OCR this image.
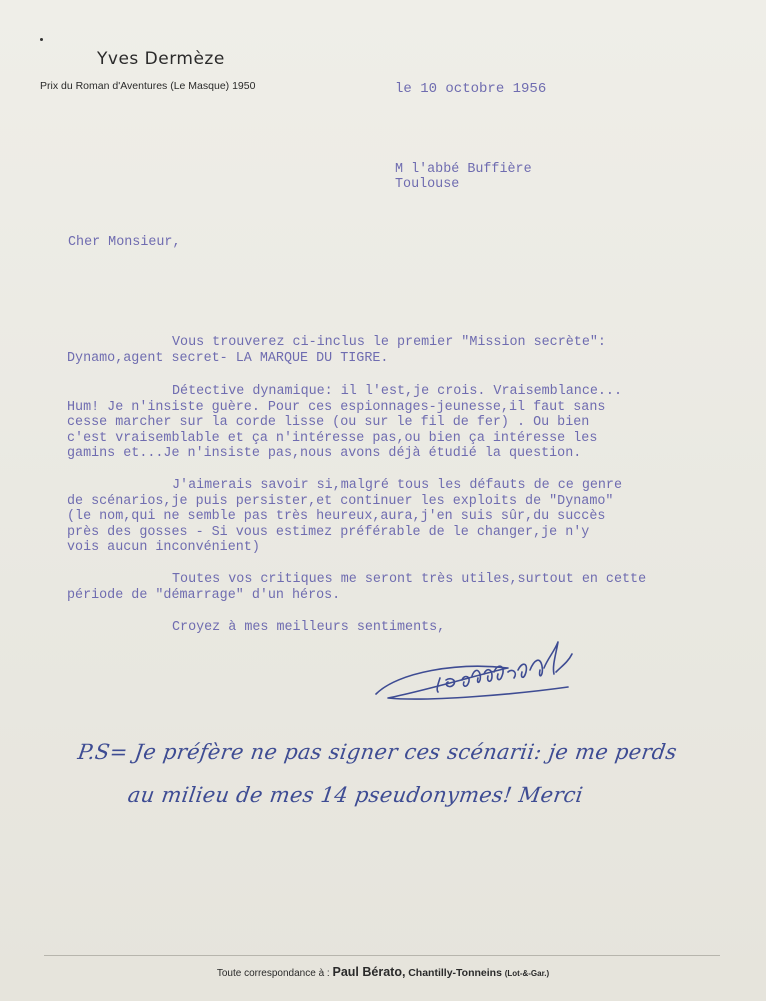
Yves Dermèze
Prix du Roman d'Aventures (Le Masque) 1950	le 10 octobre 1956
M l'abbé Buffière
Toulouse
Cher Monsieur,
Vous trouverez ci-inclus le premier "Mission secrète":
Dynamo,agent secret- LA MARQUE DU TIGRE.
Détective dynamique: il l'est,je crois. Vraisemblance...
Hum! Je n'insiste guère. Pour ces espionnages-jeunesse,il faut sans
cesse marcher sur la corde lisse (ou sur le fil de fer) . Ou bien
c'est vraisemblable et ça n'intéresse pas,ou bien ça intéresse les
gamins et...Je n'insiste pas,nous avons déjà étudié la question.
J'aimerais savoir si,malgré tous les défauts de ce genre
de scénarios,je puis persister,et continuer les exploits de "Dynamo"
(le nom,qui ne semble pas très heureux,aura,j'en suis sûr,du succès
près des gosses - Si vous estimez préférable de le changer,je n'y
vois aucun inconvénient)
Toutes vos critiques me seront très utiles,surtout en cette
période de "démarrage" d'un héros.
Croyez à mes meilleurs sentiments,
P.S= Je préfère ne pas signer ces scénarii: je me perds
au milieu de mes 14 pseudonymes! Merci
Toute correspondance à : Paul Bérato, Chantilly-Tonneins (Lot-&-Gar.)
